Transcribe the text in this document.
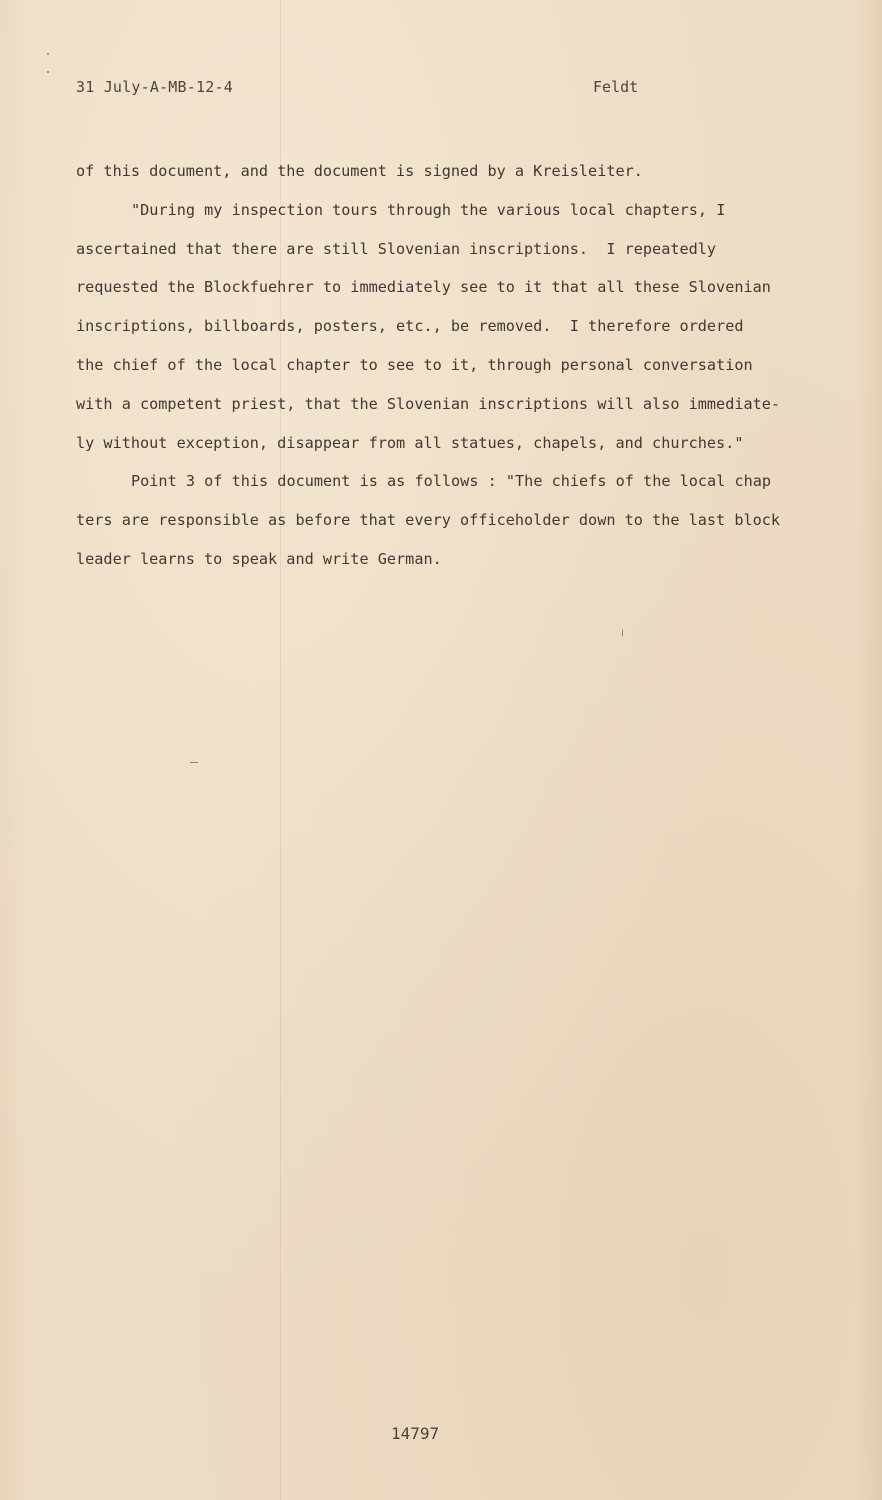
31 July-A-MB-12-4	Feldt

of this document, and the document is signed by a Kreisleiter.

"During my inspection tours through the various local chapters, I

ascertained that there are still Slovenian inscriptions.  I repeatedly

requested the Blockfuehrer to immediately see to it that all these Slovenian

inscriptions, billboards, posters, etc., be removed.  I therefore ordered

the chief of the local chapter to see to it, through personal conversation

with a competent priest, that the Slovenian inscriptions will also immediate-

ly without exception, disappear from all statues, chapels, and churches."

Point 3 of this document is as follows : "The chiefs of the local chap

ters are responsible as before that every officeholder down to the last block

leader learns to speak and write German.

14797
